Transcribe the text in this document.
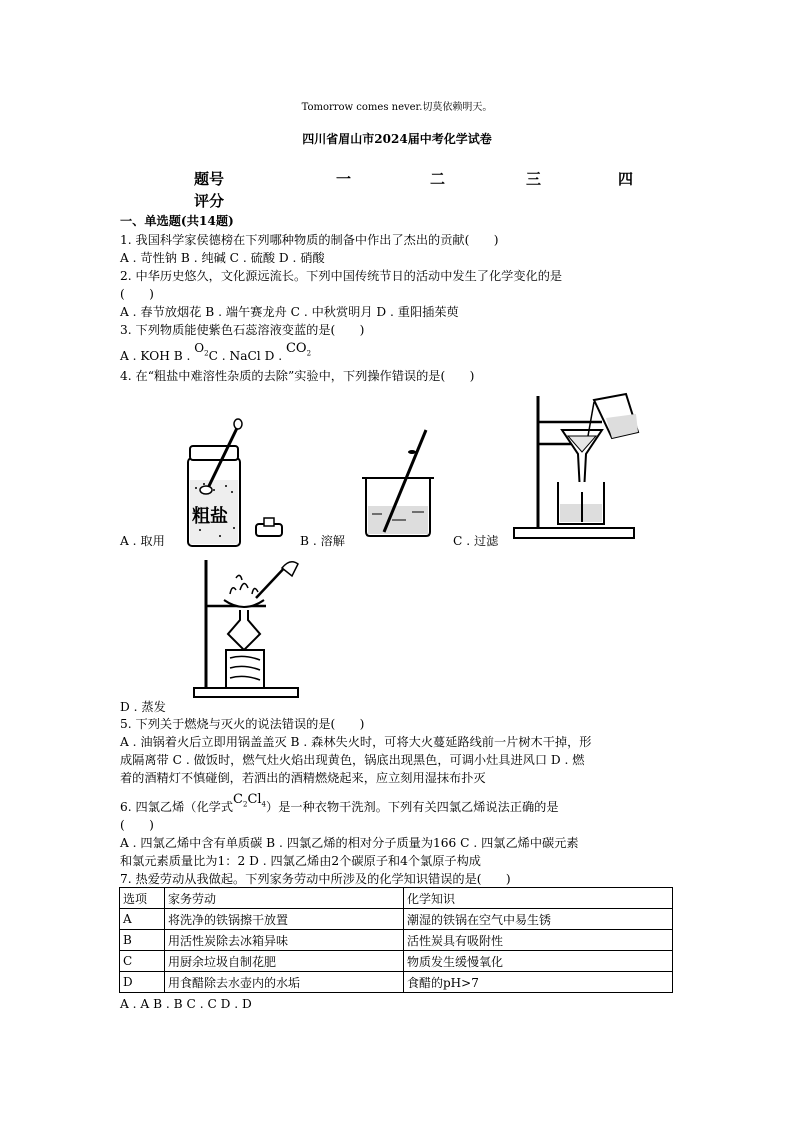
Tomorrow comes never.切莫依赖明天。
四川省眉山市2024届中考化学试卷
题号	一	二	三	四
评分
一、单选题(共14题)
1. 我国科学家侯德榜在下列哪种物质的制备中作出了杰出的贡献(　　)
A . 苛性钠 B . 纯碱 C . 硫酸 D . 硝酸
2. 中华历史悠久，文化源远流长。下列中国传统节日的活动中发生了化学变化的是
(　　)
A . 春节放烟花 B . 端午赛龙舟 C . 中秋赏明月 D . 重阳插茱萸
3. 下列物质能使紫色石蕊溶液变蓝的是(　　)
A . KOH B . $O_2C$ . NaCl D . $CO_2$
4. 在“粗盐中难溶性杂质的去除”实验中，下列操作错误的是(　　)
粗盐
A . 取用	B . 溶解	C . 过滤
D . 蒸发
5. 下列关于燃烧与灭火的说法错误的是(　　)
A . 油锅着火后立即用锅盖盖灭 B . 森林失火时，可将大火蔓延路线前一片树木干掉，形
成隔离带 C . 做饭时，燃气灶火焰出现黄色，锅底出现黑色，可调小灶具进风口 D . 燃
着的酒精灯不慎碰倒，若洒出的酒精燃烧起来，应立刻用湿抹布扑灭
6. 四氯乙烯（化学式$C_2Cl_4$）是一种衣物干洗剂。下列有关四氯乙烯说法正确的是
(　　)
A . 四氯乙烯中含有单质碳 B . 四氯乙烯的相对分子质量为166 C . 四氯乙烯中碳元素
和氯元素质量比为1：2 D . 四氯乙烯由2个碳原子和4个氯原子构成
7. 热爱劳动从我做起。下列家务劳动中所涉及的化学知识错误的是(　　)
选项	家务劳动	化学知识
A	将洗净的铁锅擦干放置	潮湿的铁锅在空气中易生锈
B	用活性炭除去冰箱异味	活性炭具有吸附性
C	用厨余垃圾自制花肥	物质发生缓慢氧化
D	用食醋除去水壶内的水垢	食醋的pH>7
A . A B . B C . C D . D
